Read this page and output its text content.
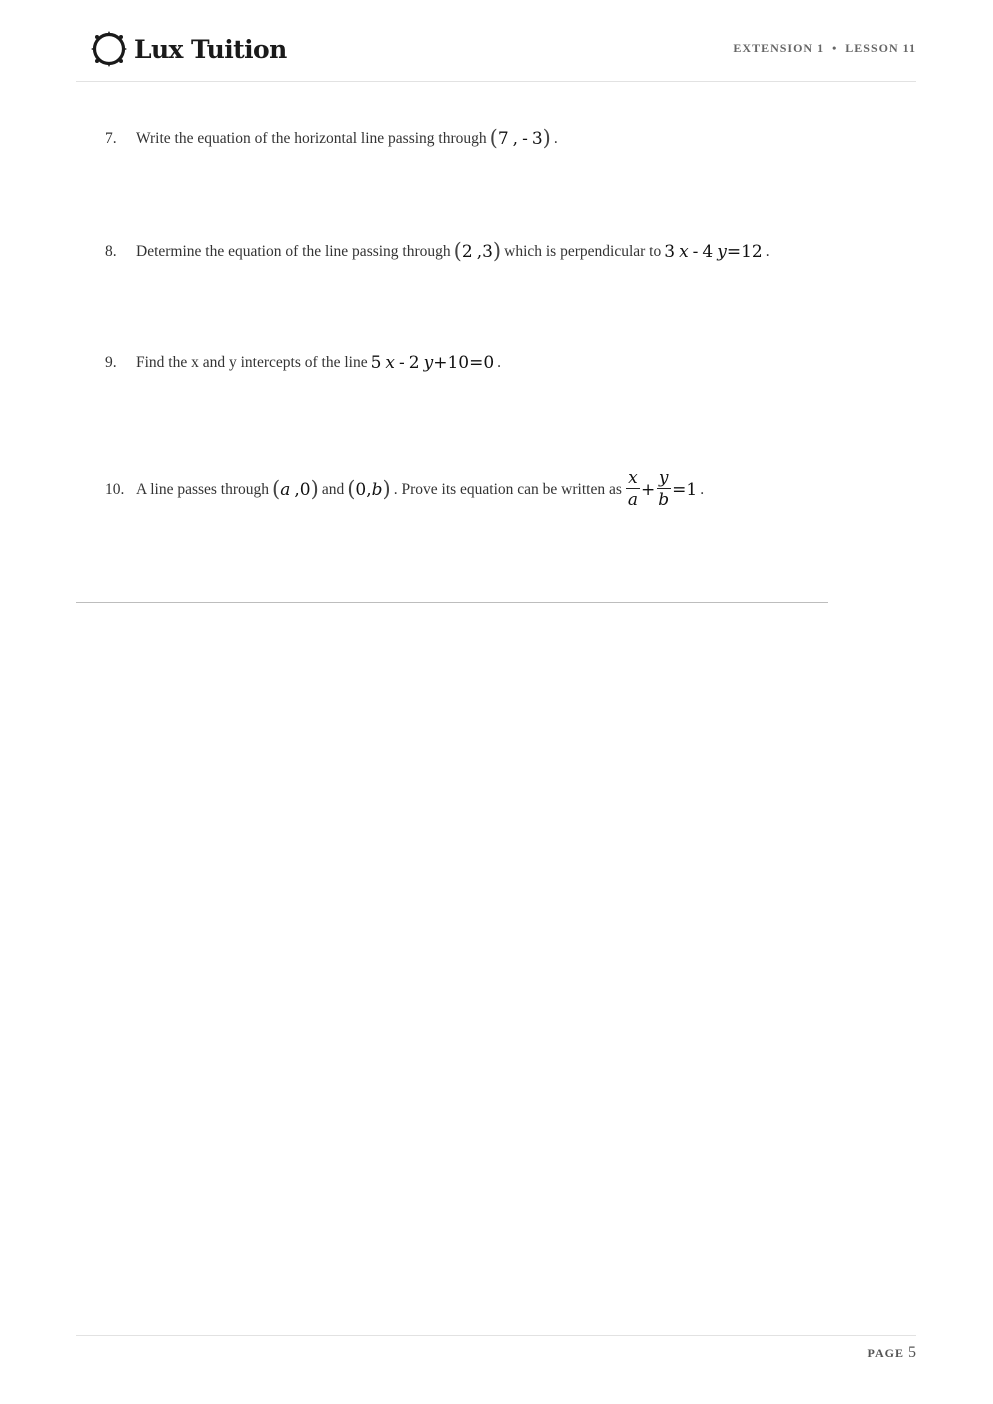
Lux Tuition	EXTENSION 1 • LESSON 11
7.	Write the equation of the horizontal line passing through ( 7 , - 3 ) .
8.	Determine the equation of the line passing through ( 2 , 3 ) which is perpendicular to 3 x - 4 y = 12 .
9.	Find the x and y intercepts of the line 5 x - 2 y + 10 = 0 .
10. A line passes through ( a , 0 ) and ( 0 , b ) . Prove its equation can be written as $\frac{x}{a} + \frac{y}{b} = 1$ .
PAGE 5
